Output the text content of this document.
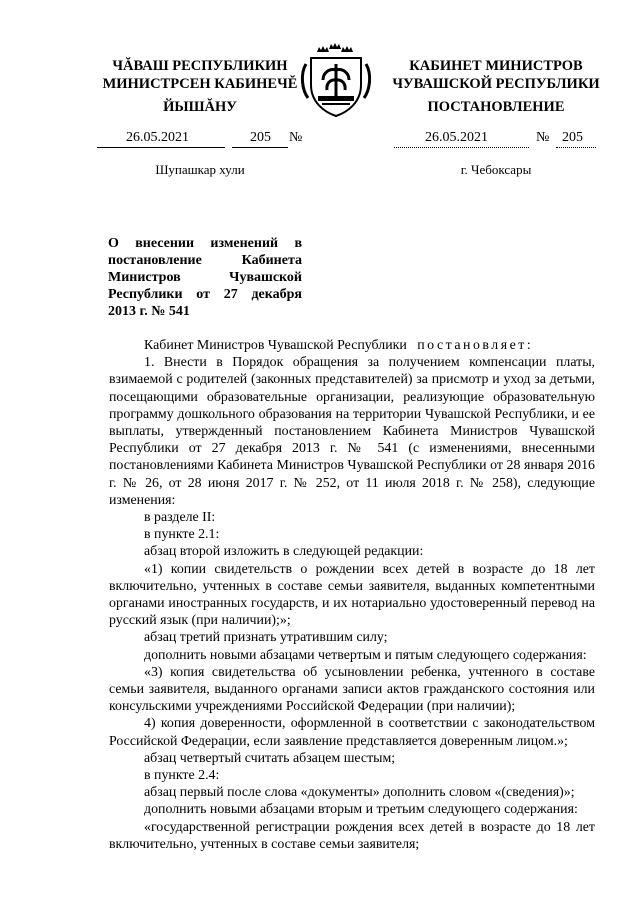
ЧĂВАШ РЕСПУБЛИКИН
МИНИСТРСЕН КАБИНЕЧĔ
ЙЫШĂНУ
КАБИНЕТ МИНИСТРОВ
ЧУВАШСКОЙ РЕСПУБЛИКИ
ПОСТАНОВЛЕНИЕ
26.05.2021	205 №	26.05.2021	№ 205
Шупашкар хули	г. Чебоксары
О внесении изменений в постановление Кабинета Министров Чувашской Республики от 27 декабря 2013 г. № 541

Кабинет Министров Чувашской Республики постановляет:

1. Внести в Порядок обращения за получением компенсации платы, взимаемой с родителей (законных представителей) за присмотр и уход за детьми, посещающими образовательные организации, реализующие образовательную программу дошкольного образования на территории Чувашской Республики, и ее выплаты, утвержденный постановлением Кабинета Министров Чувашской Республики от 27 декабря 2013 г. № 541 (с изменениями, внесенными постановлениями Кабинета Министров Чувашской Республики от 28 января 2016 г. № 26, от 28 июня 2017 г. № 252, от 11 июля 2018 г. № 258), следующие изменения:

в разделе II:

в пункте 2.1:

абзац второй изложить в следующей редакции:

«1) копии свидетельств о рождении всех детей в возрасте до 18 лет включительно, учтенных в составе семьи заявителя, выданных компетентными органами иностранных государств, и их нотариально удостоверенный перевод на русский язык (при наличии);»;

абзац третий признать утратившим силу;

дополнить новыми абзацами четвертым и пятым следующего содержания:

«3) копия свидетельства об усыновлении ребенка, учтенного в составе семьи заявителя, выданного органами записи актов гражданского состояния или консульскими учреждениями Российской Федерации (при наличии);

4) копия доверенности, оформленной в соответствии с законодательством Российской Федерации, если заявление представляется доверенным лицом.»;

абзац четвертый считать абзацем шестым;

в пункте 2.4:

абзац первый после слова «документы» дополнить словом «(сведения)»;

дополнить новыми абзацами вторым и третьим следующего содержания:

«государственной регистрации рождения всех детей в возрасте до 18 лет включительно, учтенных в составе семьи заявителя;
